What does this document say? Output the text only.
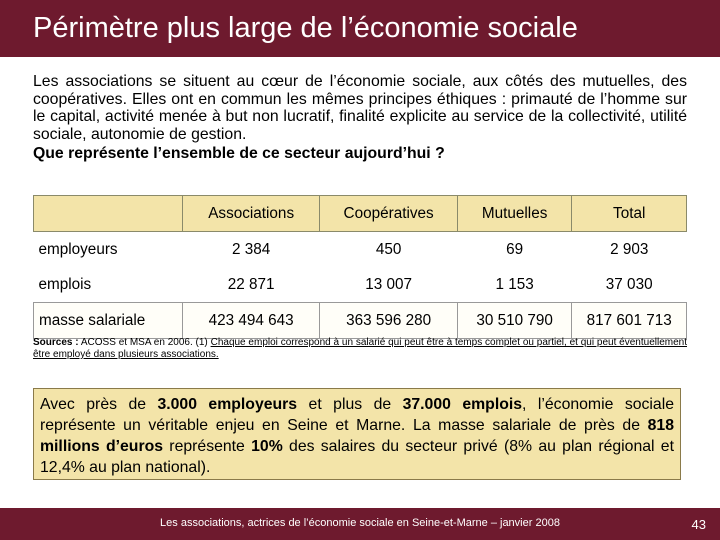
Périmètre plus large de l’économie sociale

Les associations se situent au cœur de l’économie sociale, aux côtés des mutuelles, des coopératives. Elles ont en commun les mêmes principes éthiques : primauté de l’homme sur le capital, activité menée à but non lucratif, finalité explicite au service de la collectivité, utilité sociale, autonomie de gestion.

Que représente l’ensemble de ce secteur aujourd’hui ?

	Associations	Coopératives	Mutuelles	Total
employeurs	2 384	450	69	2 903
emplois	22 871	13 007	1 153	37 030
masse salariale	423 494 643	363 596 280	30 510 790	817 601 713
Sources : ACOSS et MSA en 2006. (1) Chaque emploi correspond à un salarié qui peut être à temps complet ou partiel, et qui peut éventuellement être employé dans plusieurs associations.
Avec près de 3.000 employeurs et plus de 37.000 emplois, l’économie sociale représente un véritable enjeu en Seine et Marne. La masse salariale de près de 818 millions d’euros représente 10% des salaires du secteur privé (8% au plan régional et 12,4% au plan national).
Les associations, actrices de l’économie sociale en Seine-et-Marne – janvier 2008	43
